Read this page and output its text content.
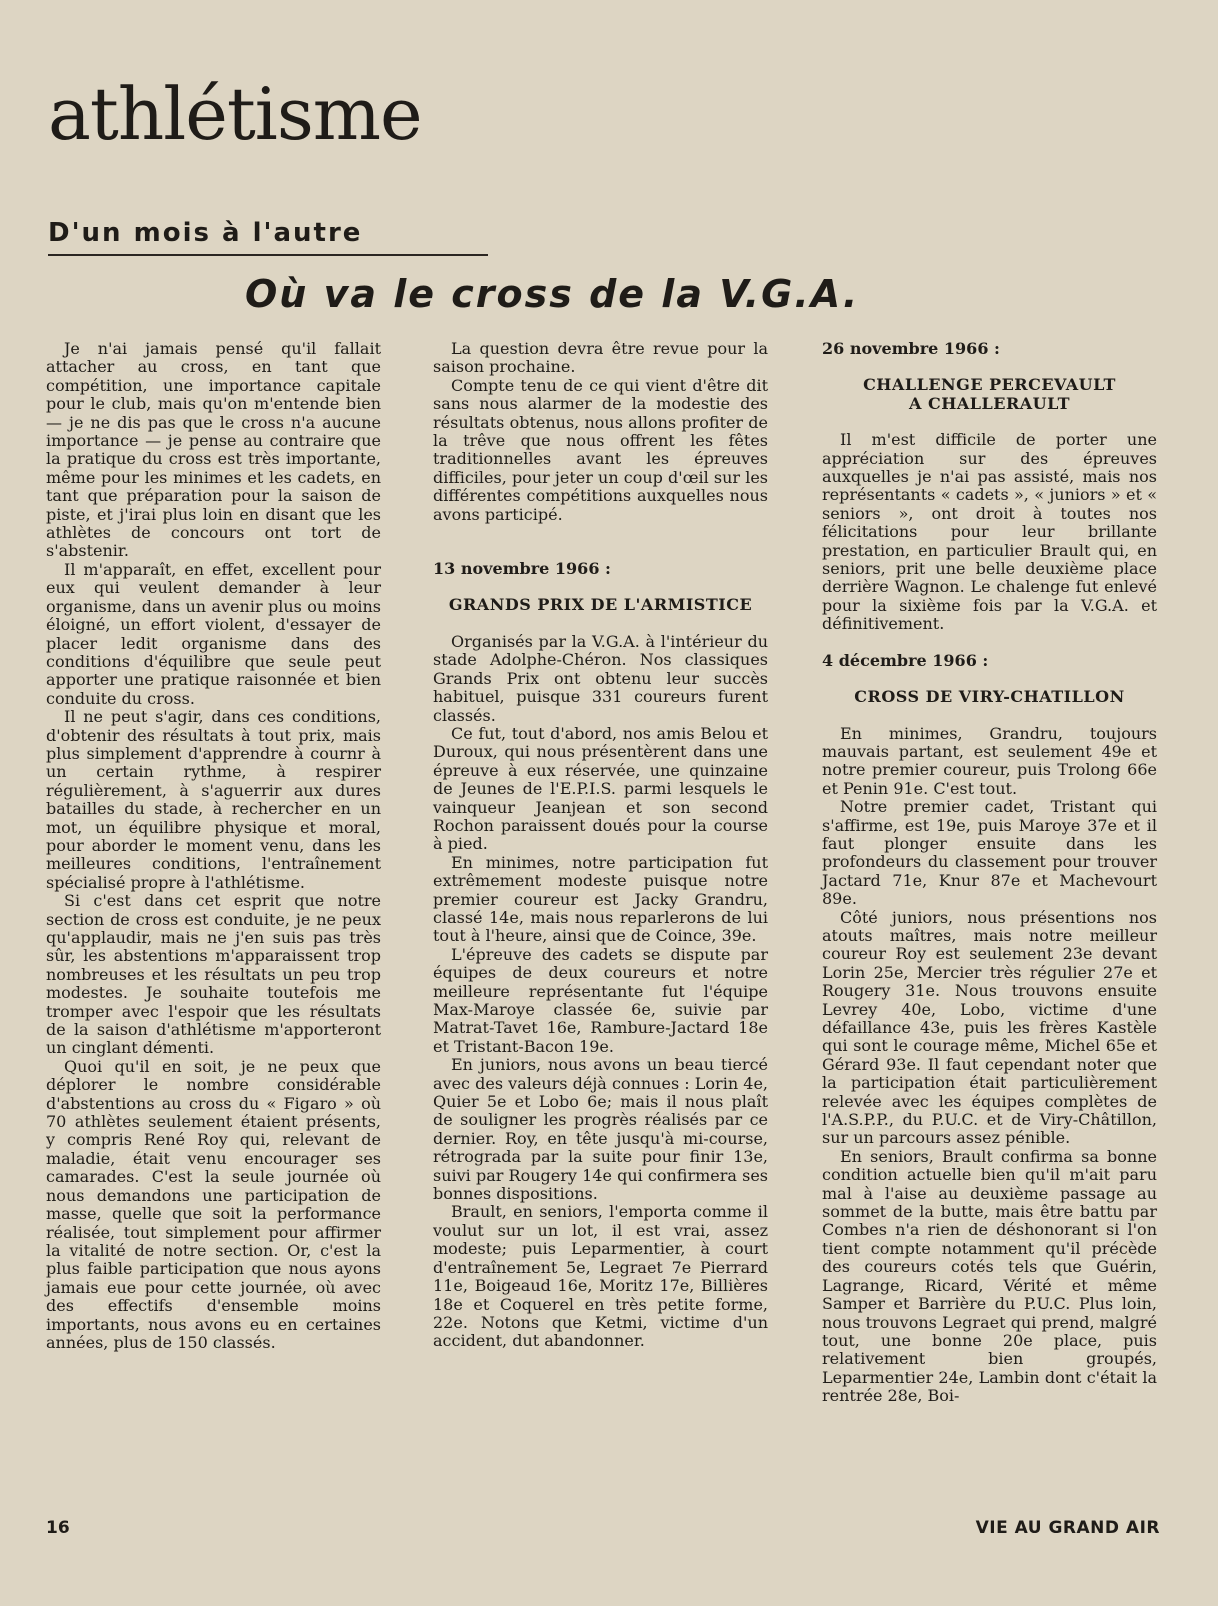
athlétisme
D'un mois à l'autre
Où va le cross de la V.G.A.

Je n'ai jamais pensé qu'il fallait attacher au cross, en tant que compétition, une importance capitale pour le club, mais qu'on m'entende bien — je ne dis pas que le cross n'a aucune importance — je pense au contraire que la pratique du cross est très importante, même pour les minimes et les cadets, en tant que préparation pour la saison de piste, et j'irai plus loin en disant que les athlètes de concours ont tort de s'abstenir.

Il m'apparaît, en effet, excellent pour eux qui veulent demander à leur organisme, dans un avenir plus ou moins éloigné, un effort violent, d'essayer de placer ledit organisme dans des conditions d'équilibre que seule peut apporter une pratique raisonnée et bien conduite du cross.

Il ne peut s'agir, dans ces conditions, d'obtenir des résultats à tout prix, mais plus simplement d'apprendre à cournr à un certain rythme, à respirer régulièrement, à s'aguerrir aux dures batailles du stade, à rechercher en un mot, un équilibre physique et moral, pour aborder le moment venu, dans les meilleures conditions, l'entraînement spécialisé propre à l'athlétisme.

Si c'est dans cet esprit que notre section de cross est conduite, je ne peux qu'applaudir, mais ne j'en suis pas très sûr, les abstentions m'apparaissent trop nombreuses et les résultats un peu trop modestes. Je souhaite toutefois me tromper avec l'espoir que les résultats de la saison d'athlétisme m'apporteront un cinglant démenti.

Quoi qu'il en soit, je ne peux que déplorer le nombre considérable d'abstentions au cross du « Figaro » où 70 athlètes seulement étaient présents, y compris René Roy qui, relevant de maladie, était venu encourager ses camarades. C'est la seule journée où nous demandons une participation de masse, quelle que soit la performance réalisée, tout simplement pour affirmer la vitalité de notre section. Or, c'est la plus faible participation que nous ayons jamais eue pour cette journée, où avec des effectifs d'ensemble moins importants, nous avons eu en certaines années, plus de 150 classés.

La question devra être revue pour la saison prochaine.

Compte tenu de ce qui vient d'être dit sans nous alarmer de la modestie des résultats obtenus, nous allons profiter de la trêve que nous offrent les fêtes traditionnelles avant les épreuves difficiles, pour jeter un coup d'œil sur les différentes compétitions auxquelles nous avons participé.

13 novembre 1966 :

GRANDS PRIX DE L'ARMISTICE

Organisés par la V.G.A. à l'intérieur du stade Adolphe-Chéron. Nos classiques Grands Prix ont obtenu leur succès habituel, puisque 331 coureurs furent classés.

Ce fut, tout d'abord, nos amis Belou et Duroux, qui nous présentèrent dans une épreuve à eux réservée, une quinzaine de Jeunes de l'E.P.I.S. parmi lesquels le vainqueur Jeanjean et son second Rochon paraissent doués pour la course à pied.

En minimes, notre participation fut extrêmement modeste puisque notre premier coureur est Jacky Grandru, classé 14e, mais nous reparlerons de lui tout à l'heure, ainsi que de Coince, 39e.

L'épreuve des cadets se dispute par équipes de deux coureurs et notre meilleure représentante fut l'équipe Max-Maroye classée 6e, suivie par Matrat-Tavet 16e, Rambure-Jactard 18e et Tristant-Bacon 19e.

En juniors, nous avons un beau tiercé avec des valeurs déjà connues : Lorin 4e, Quier 5e et Lobo 6e; mais il nous plaît de souligner les progrès réalisés par ce dernier. Roy, en tête jusqu'à mi-course, rétrograda par la suite pour finir 13e, suivi par Rougery 14e qui confirmera ses bonnes dispositions.

Brault, en seniors, l'emporta comme il voulut sur un lot, il est vrai, assez modeste; puis Leparmentier, à court d'entraînement 5e, Legraet 7e Pierrard 11e, Boigeaud 16e, Moritz 17e, Billières 18e et Coquerel en très petite forme, 22e. Notons que Ketmi, victime d'un accident, dut abandonner.

26 novembre 1966 :

CHALLENGE PERCEVAULT

A CHALLERAULT

Il m'est difficile de porter une appréciation sur des épreuves auxquelles je n'ai pas assisté, mais nos représentants « cadets », « juniors » et « seniors », ont droit à toutes nos félicitations pour leur brillante prestation, en particulier Brault qui, en seniors, prit une belle deuxième place derrière Wagnon. Le chalenge fut enlevé pour la sixième fois par la V.G.A. et définitivement.

4 décembre 1966 :

CROSS DE VIRY-CHATILLON

En minimes, Grandru, toujours mauvais partant, est seulement 49e et notre premier coureur, puis Trolong 66e et Penin 91e. C'est tout.

Notre premier cadet, Tristant qui s'affirme, est 19e, puis Maroye 37e et il faut plonger ensuite dans les profondeurs du classement pour trouver Jactard 71e, Knur 87e et Machevourt 89e.

Côté juniors, nous présentions nos atouts maîtres, mais notre meilleur coureur Roy est seulement 23e devant Lorin 25e, Mercier très régulier 27e et Rougery 31e. Nous trouvons ensuite Levrey 40e, Lobo, victime d'une défaillance 43e, puis les frères Kastèle qui sont le courage même, Michel 65e et Gérard 93e. Il faut cependant noter que la participation était particulièrement relevée avec les équipes complètes de l'A.S.P.P., du P.U.C. et de Viry-Châtillon, sur un parcours assez pénible.

En seniors, Brault confirma sa bonne condition actuelle bien qu'il m'ait paru mal à l'aise au deuxième passage au sommet de la butte, mais être battu par Combes n'a rien de déshonorant si l'on tient compte notamment qu'il précède des coureurs cotés tels que Guérin, Lagrange, Ricard, Vérité et même Samper et Barrière du P.U.C. Plus loin, nous trouvons Legraet qui prend, malgré tout, une bonne 20e place, puis relativement bien groupés, Leparmentier 24e, Lambin dont c'était la rentrée 28e, Boi-

16	VIE AU GRAND AIR
